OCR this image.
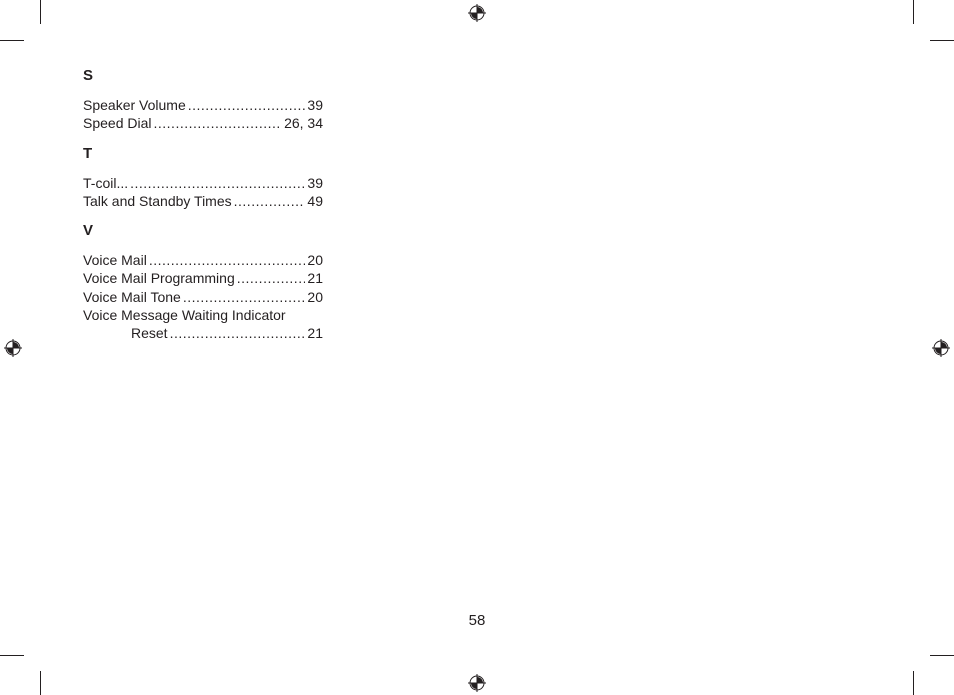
S
Speaker Volume .....	39
Speed Dial .....	26, 34
T
T-coil... .....	39
Talk and Standby Times .....	49
V
Voice Mail .....	20
Voice Mail Programming .....	21
Voice Mail Tone .....	20
Voice Message Waiting Indicator
Reset .....	21
58
